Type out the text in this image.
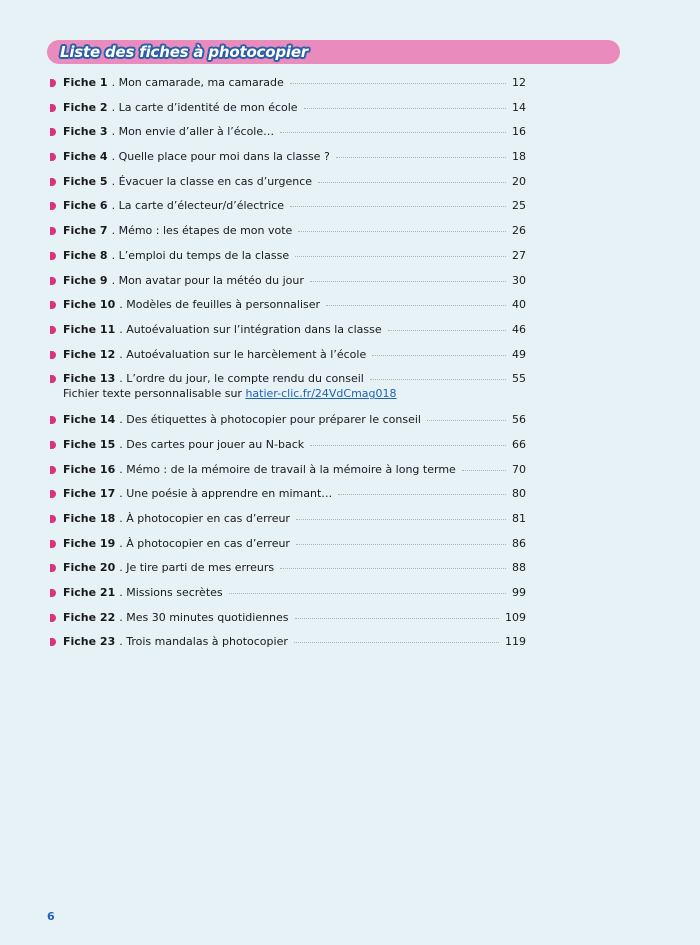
Liste des fiches à photocopier
Fiche 1 . Mon camarade, ma camarade	12
Fiche 2 . La carte d’identité de mon école	14
Fiche 3 . Mon envie d’aller à l’école…	16
Fiche 4 . Quelle place pour moi dans la classe ?	18
Fiche 5 . Évacuer la classe en cas d’urgence	20
Fiche 6 . La carte d’électeur/d’électrice	25
Fiche 7 . Mémo : les étapes de mon vote	26
Fiche 8 . L’emploi du temps de la classe	27
Fiche 9 . Mon avatar pour la météo du jour	30
Fiche 10 . Modèles de feuilles à personnaliser	40
Fiche 11 . Autoévaluation sur l’intégration dans la classe	46
Fiche 12 . Autoévaluation sur le harcèlement à l’école	49
Fiche 13 . L’ordre du jour, le compte rendu du conseil	55
Fichier texte personnalisable sur hatier-clic.fr/24VdCmag018
Fiche 14 . Des étiquettes à photocopier pour préparer le conseil	56
Fiche 15 . Des cartes pour jouer au N-back	66
Fiche 16 . Mémo : de la mémoire de travail à la mémoire à long terme	70
Fiche 17 . Une poésie à apprendre en mimant…	80
Fiche 18 . À photocopier en cas d’erreur	81
Fiche 19 . À photocopier en cas d’erreur	86
Fiche 20 . Je tire parti de mes erreurs	88
Fiche 21 . Missions secrètes	99
Fiche 22 . Mes 30 minutes quotidiennes	109
Fiche 23 . Trois mandalas à photocopier	119
6
